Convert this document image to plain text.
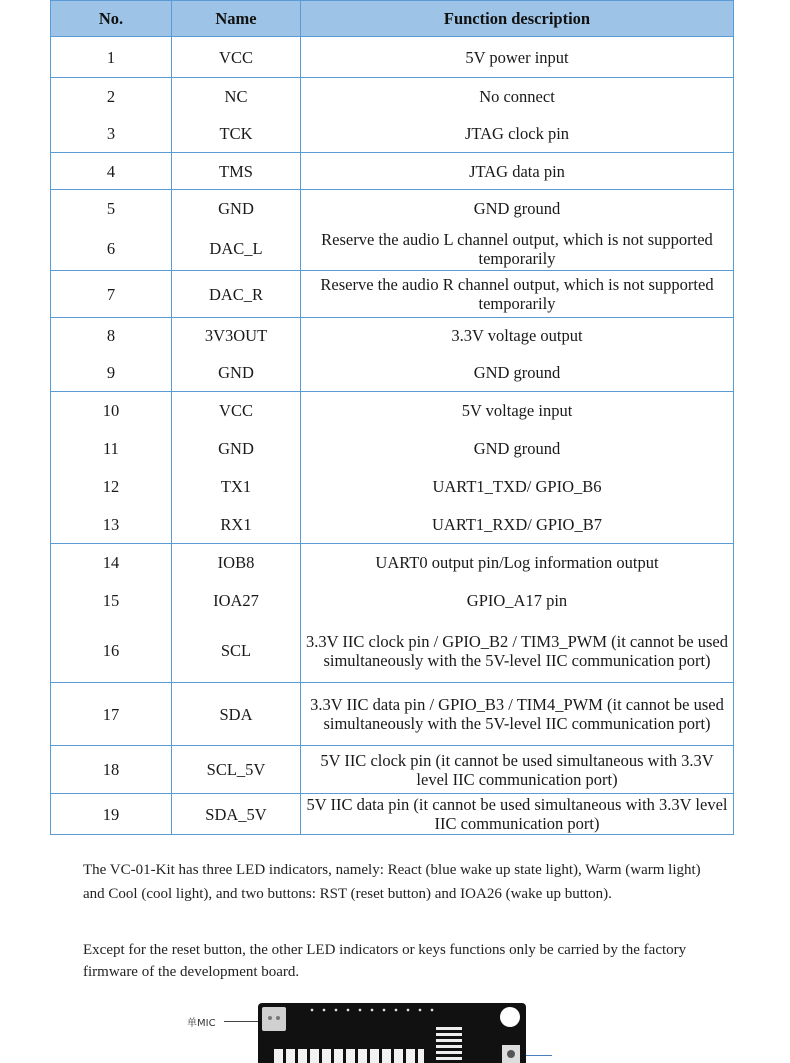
No.	Name	Function description
1	VCC	5V power input
2	NC	No connect
3	TCK	JTAG clock pin
4	TMS	JTAG data pin
5	GND	GND ground
6	DAC_L	Reserve the audio L channel output, which is not supported temporarily
7	DAC_R	Reserve the audio R channel output, which is not supported temporarily
8	3V3OUT	3.3V voltage output
9	GND	GND ground
10	VCC	5V voltage input
11	GND	GND ground
12	TX1	UART1_TXD/ GPIO_B6
13	RX1	UART1_RXD/ GPIO_B7
14	IOB8	UART0 output pin/Log information output
15	IOA27	GPIO_A17 pin
16	SCL	3.3V IIC clock pin / GPIO_B2 / TIM3_PWM (it cannot be used simultaneously with the 5V-level IIC communication port)
17	SDA	3.3V IIC data pin / GPIO_B3 / TIM4_PWM (it cannot be used simultaneously with the 5V-level IIC communication port)
18	SCL_5V	5V IIC clock pin (it cannot be used simultaneous with 3.3V level IIC communication port)
19	SDA_5V	5V IIC data pin (it cannot be used simultaneous with 3.3V level IIC communication port)

The VC-01-Kit has three LED indicators, namely: React (blue wake up state light), Warm (warm light) and Cool (cool light), and two buttons: RST (reset button) and IOA26 (wake up button).

Except for the reset button, the other LED indicators or keys functions only be carried by the factory firmware of the development board.

单MIC
